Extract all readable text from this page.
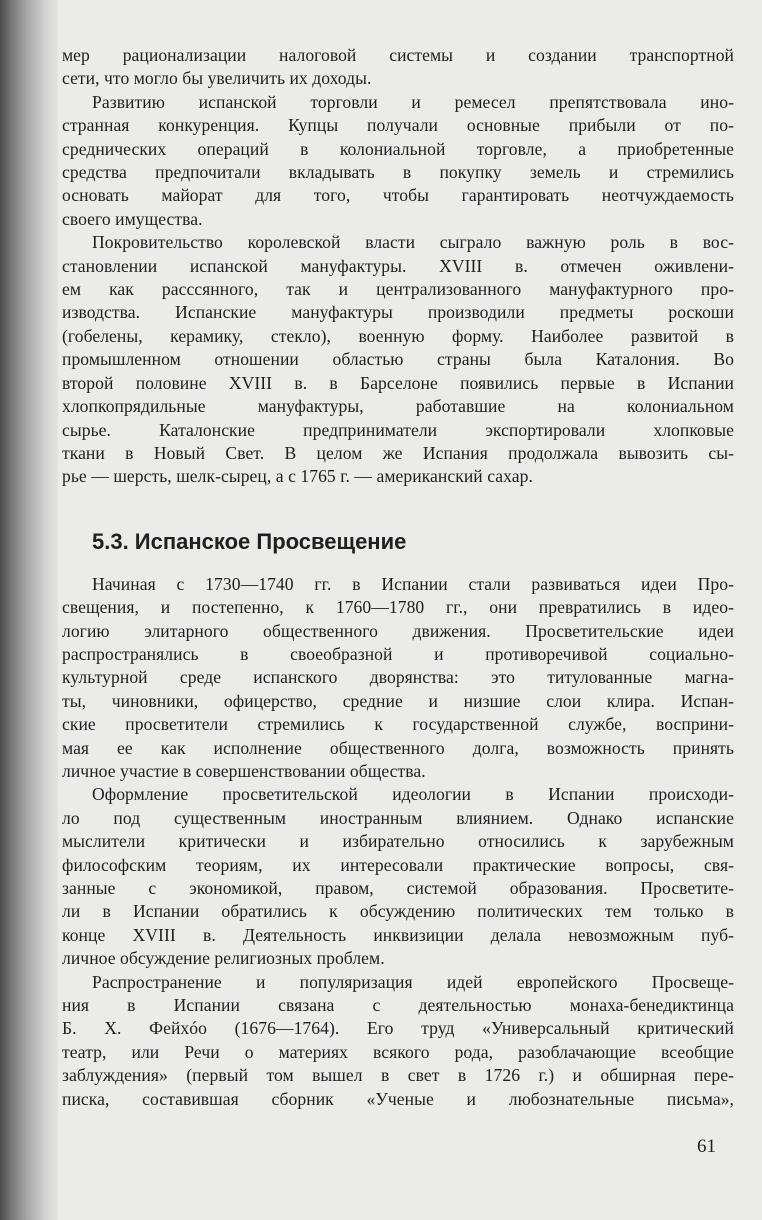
мер рационализации налоговой системы и создании транспортной
сети, что могло бы увеличить их доходы.
Развитию испанской торговли и ремесел препятствовала ино-
странная конкуренция. Купцы получали основные прибыли от по-
среднических операций в колониальной торговле, а приобретенные
средства предпочитали вкладывать в покупку земель и стремились
основать майорат для того, чтобы гарантировать неотчуждаемость
своего имущества.
Покровительство королевской власти сыграло важную роль в вос-
становлении испанской мануфактуры. XVIII в. отмечен оживлени-
ем как расссянного, так и централизованного мануфактурного про-
изводства. Испанские мануфактуры производили предметы роскоши
(гобелены, керамику, стекло), военную форму. Наиболее развитой в
промышленном отношении областью страны была Каталония. Во
второй половине XVIII в. в Барселоне появились первые в Испании
хлопкопрядильные мануфактуры, работавшие на колониальном
сырье. Каталонские предприниматели экспортировали хлопковые
ткани в Новый Свет. В целом же Испания продолжала вывозить сы-
рье — шерсть, шелк-сырец, а с 1765 г. — американский сахар.
5.3. Испанское Просвещение
Начиная с 1730—1740 гг. в Испании стали развиваться идеи Про-
свещения, и постепенно, к 1760—1780 гг., они превратились в идео-
логию элитарного общественного движения. Просветительские идеи
распространялись в своеобразной и противоречивой социально-
культурной среде испанского дворянства: это титулованные магна-
ты, чиновники, офицерство, средние и низшие слои клира. Испан-
ские просветители стремились к государственной службе, восприни-
мая ее как исполнение общественного долга, возможность принять
личное участие в совершенствовании общества.
Оформление просветительской идеологии в Испании происходи-
ло под существенным иностранным влиянием. Однако испанские
мыслители критически и избирательно относились к зарубежным
философским теориям, их интересовали практические вопросы, свя-
занные с экономикой, правом, системой образования. Просветите-
ли в Испании обратились к обсуждению политических тем только в
конце XVIII в. Деятельность инквизиции делала невозможным пуб-
личное обсуждение религиозных проблем.
Распространение и популяризация идей европейского Просвеще-
ния в Испании связана с деятельностью монаха-бенедиктинца
Б. Х. Фейхóо (1676—1764). Его труд «Универсальный критический
театр, или Речи о материях всякого рода, разоблачающие всеобщие
заблуждения» (первый том вышел в свет в 1726 г.) и обширная пере-
писка, составившая сборник «Ученые и любознательные письма»,
61
